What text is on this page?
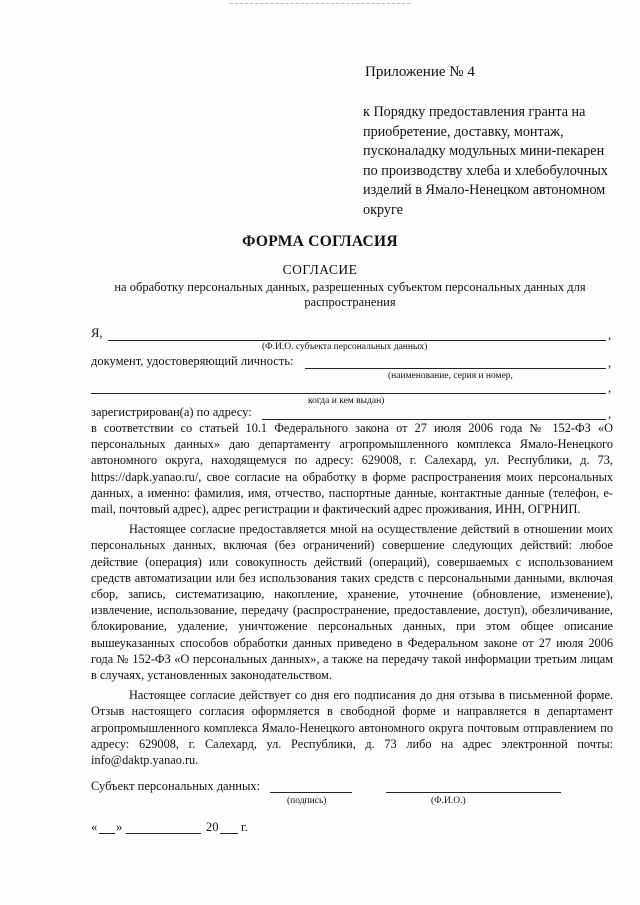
Приложение № 4
к Порядку предоставления гранта на приобретение, доставку, монтаж, пусконаладку модульных мини-пекарен по производству хлеба и хлебобулочных изделий в Ямало-Ненецком автономном округе
ФОРМА СОГЛАСИЯ
СОГЛАСИЕ
на обработку персональных данных, разрешенных субъектом персональных данных для распространения
Я,	,
(Ф.И.О. субъекта персональных данных)
документ, удостоверяющий личность:	,
(наименование, серия и номер,
,
когда и кем выдан)
зарегистрирован(а) по адресу:	,

в соответствии со статьей 10.1 Федерального закона от 27 июля 2006 года № 152-ФЗ «О персональных данных» даю департаменту агропромышленного комплекса Ямало-Ненецкого автономного округа, находящемуся по адресу: 629008, г. Салехард, ул. Республики, д. 73, https://dapk.yanao.ru/, свое согласие на обработку в форме распространения моих персональных данных, а именно: фамилия, имя, отчество, паспортные данные, контактные данные (телефон, e-mail, почтовый адрес), адрес регистрации и фактический адрес проживания, ИНН, ОГРНИП.

Настоящее согласие предоставляется мной на осуществление действий в отношении моих персональных данных, включая (без ограничений) совершение следующих действий: любое действие (операция) или совокупность действий (операций), совершаемых с использованием средств автоматизации или без использования таких средств с персональными данными, включая сбор, запись, систематизацию, накопление, хранение, уточнение (обновление, изменение), извлечение, использование, передачу (распространение, предоставление, доступ), обезличивание, блокирование, удаление, уничтожение персональных данных, при этом общее описание вышеуказанных способов обработки данных приведено в Федеральном законе от 27 июля 2006 года № 152-ФЗ «О персональных данных», а также на передачу такой информации третьим лицам в случаях, установленных законодательством.

Настоящее согласие действует со дня его подписания до дня отзыва в письменной форме. Отзыв настоящего согласия оформляется в свободной форме и направляется в департамент агропромышленного комплекса Ямало-Ненецкого автономного округа почтовым отправлением по адресу: 629008, г. Салехард, ул. Республики, д. 73 либо на адрес электронной почты: info@daktp.yanao.ru.

Субъект персональных данных:
(подпись)	(Ф.И.О.)
« »	20 г.
